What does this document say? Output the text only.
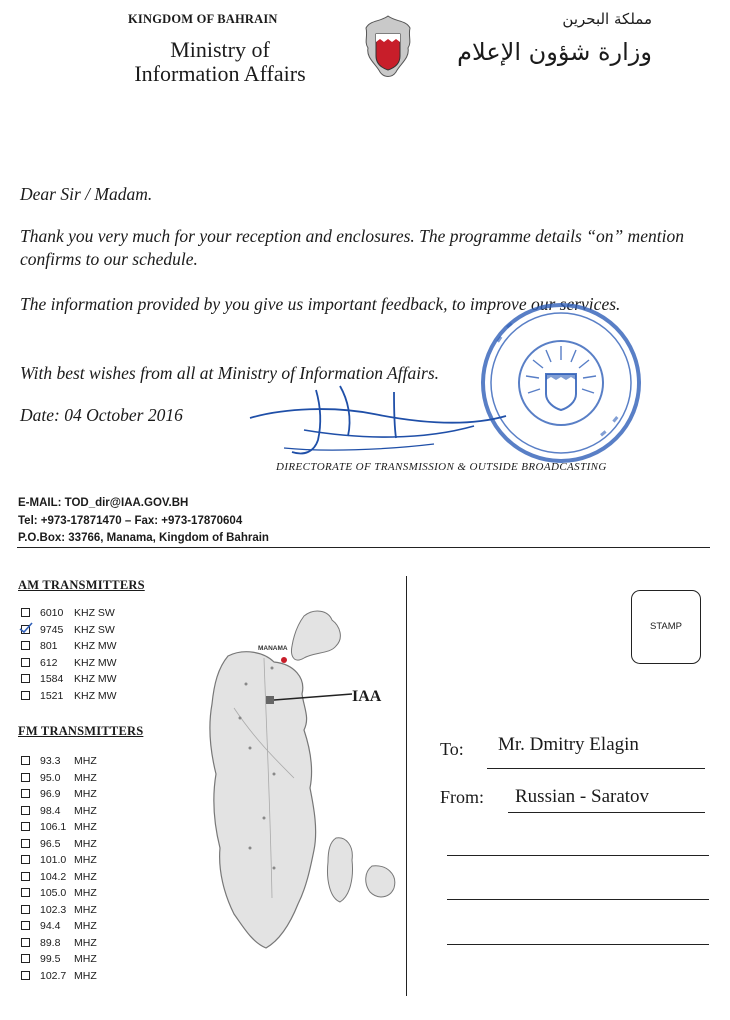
KINGDOM OF BAHRAIN
Ministry of
Information Affairs
مملكة البحرين
وزارة شؤون الإعلام
Dear Sir / Madam.
Thank you very much for your reception and enclosures. The programme details “on” mention confirms to our schedule.
The information provided by you give us important feedback, to improve our services.
With best wishes from all at Ministry of Information Affairs.
Date: 04 October 2016
DIRECTORATE OF TRANSMISSION & OUTSIDE BROADCASTING
E-MAIL: TOD_dir@IAA.GOV.BH
Tel: +973-17871470 – Fax: +973-17870604
P.O.Box: 33766, Manama, Kingdom of Bahrain
AM TRANSMITTERS
6010 KHZ SW
9745 KHZ SW
801 KHZ MW
612 KHZ MW
1584 KHZ MW
1521 KHZ MW
FM TRANSMITTERS
93.3 MHZ
95.0 MHZ
96.9 MHZ
98.4 MHZ
106.1 MHZ
96.5 MHZ
101.0 MHZ
104.2 MHZ
105.0 MHZ
102.3 MHZ
94.4 MHZ
89.8 MHZ
99.5 MHZ
102.7 MHZ
MANAMA
IAA
STAMP
To: Mr. Dmitry Elagin
From: Russian - Saratov
